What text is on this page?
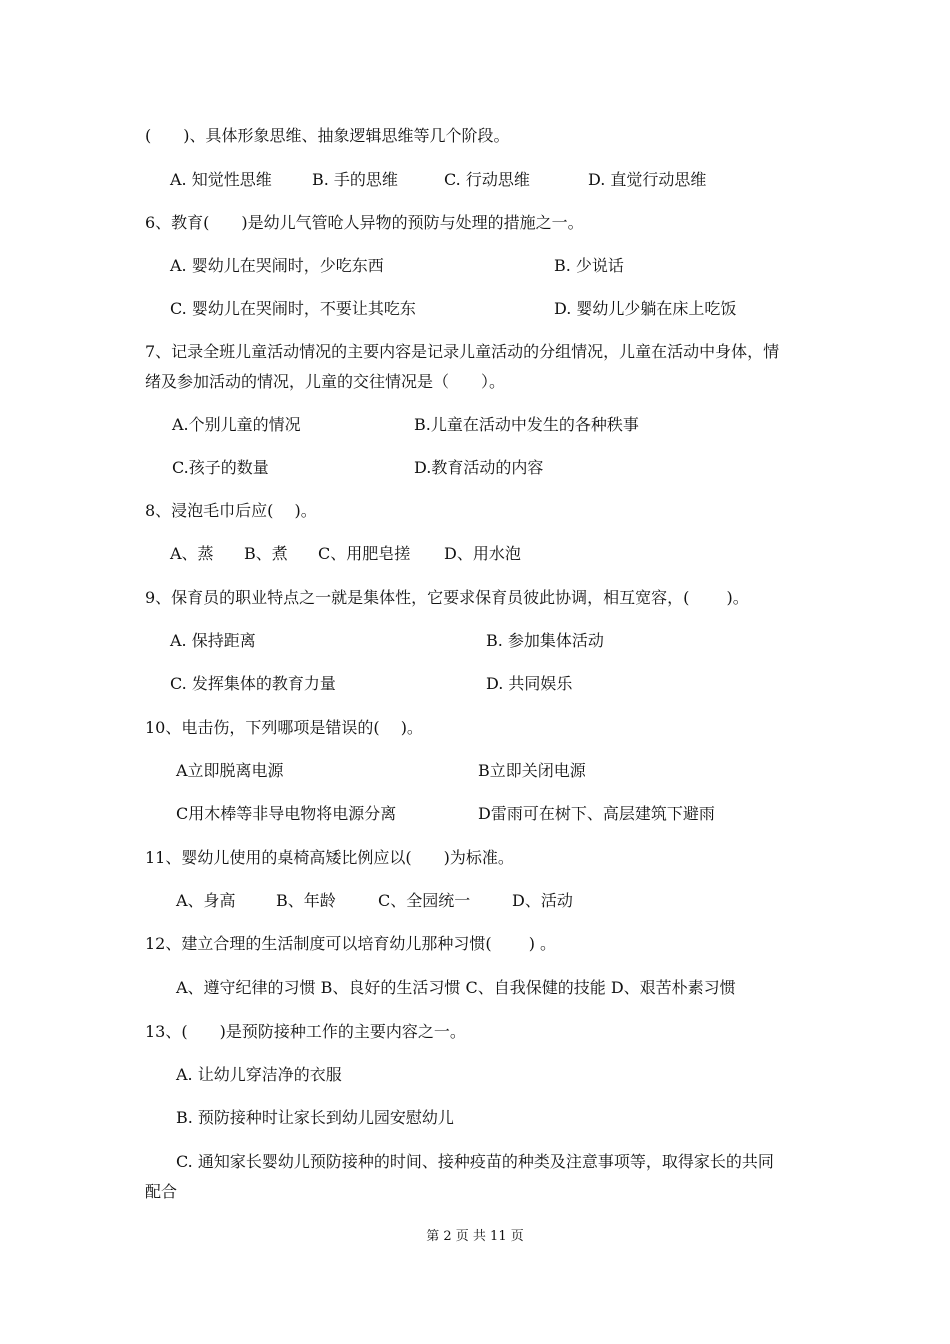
(　　)、具体形象思维、抽象逻辑思维等几个阶段。
A. 知觉性思维	B. 手的思维	C. 行动思维	D. 直觉行动思维
6、教育(　　)是幼儿气管呛人异物的预防与处理的措施之一。
A. 婴幼儿在哭闹时，少吃东西	B. 少说话
C. 婴幼儿在哭闹时，不要让其吃东	D. 婴幼儿少躺在床上吃饭
7、记录全班儿童活动情况的主要内容是记录儿童活动的分组情况，儿童在活动中身体，情
绪及参加活动的情况，儿童的交往情况是（　　）。
A.个别儿童的情况	B.儿童在活动中发生的各种秩事
C.孩子的数量	D.教育活动的内容
8、浸泡毛巾后应(　 )。
A、蒸 B、煮 C、用肥皂搓 D、用水泡
9、保育员的职业特点之一就是集体性，它要求保育员彼此协调，相互宽容，(　　 )。
A. 保持距离	B. 参加集体活动
C. 发挥集体的教育力量	D. 共同娱乐
10、电击伤，下列哪项是错误的(　 )。
A立即脱离电源	B立即关闭电源
C用木棒等非导电物将电源分离	D雷雨可在树下、高层建筑下避雨
11、婴幼儿使用的桌椅高矮比例应以(　　)为标准。
A、身高	B、年龄	C、全园统一	D、活动
12、建立合理的生活制度可以培育幼儿那种习惯(　　 ) 。
A、遵守纪律的习惯 B、良好的生活习惯 C、自我保健的技能 D、艰苦朴素习惯
13、(　　)是预防接种工作的主要内容之一。
A. 让幼儿穿洁净的衣服
B. 预防接种时让家长到幼儿园安慰幼儿
C. 通知家长婴幼儿预防接种的时间、接种疫苗的种类及注意事项等，取得家长的共同
配合
第 2 页 共 11 页
